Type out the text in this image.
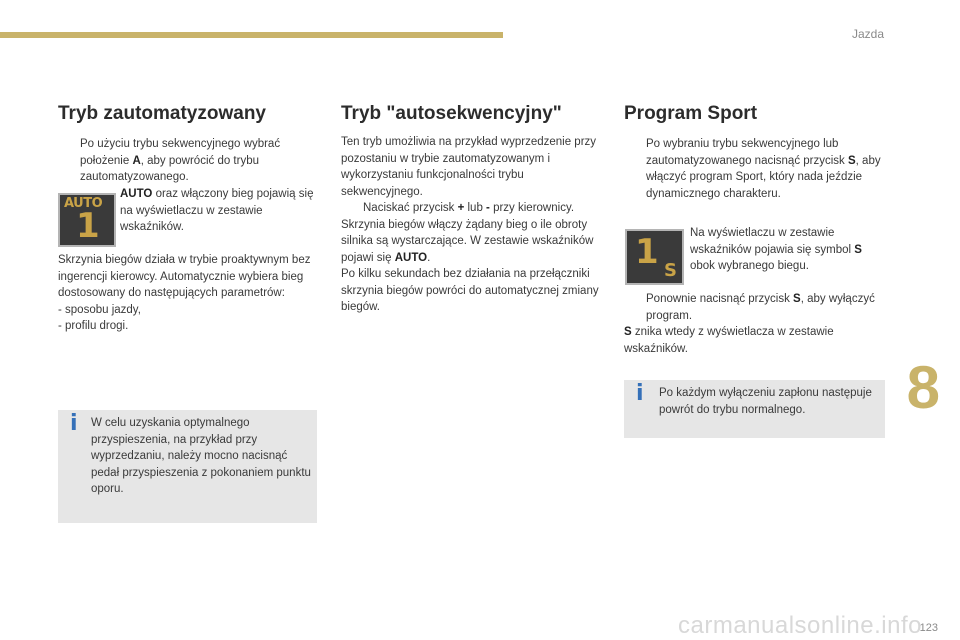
Jazda
Tryb zautomatyzowany

Po użyciu trybu sekwencyjnego wybrać położenie A, aby powrócić do trybu zautomatyzowanego.

AUTO
1

AUTO oraz włączony bieg pojawią się na wyświetlaczu w zestawie wskaźników.

Skrzynia biegów działa w trybie proaktywnym bez ingerencji kierowcy. Automatycznie wybiera bieg dostosowany do następujących parametrów:

- sposobu jazdy,

- profilu drogi.

i W celu uzyskania optymalnego przyspieszenia, na przykład przy wyprzedzaniu, należy mocno nacisnąć pedał przyspieszenia z pokonaniem punktu oporu.
Tryb "autosekwencyjny"

Ten tryb umożliwia na przykład wyprzedzenie przy pozostaniu w trybie zautomatyzowanym i wykorzystaniu funkcjonalności trybu sekwencyjnego.

Naciskać przycisk + lub - przy kierownicy.

Skrzynia biegów włączy żądany bieg o ile obroty silnika są wystarczające. W zestawie wskaźników pojawi się AUTO.

Po kilku sekundach bez działania na przełączniki skrzynia biegów powróci do automatycznej zmiany biegów.

Program Sport

Po wybraniu trybu sekwencyjnego lub zautomatyzowanego nacisnąć przycisk S, aby włączyć program Sport, który nada jeździe dynamicznego charakteru.

1 S

Na wyświetlaczu w zestawie wskaźników pojawia się symbol S obok wybranego biegu.

Ponownie nacisnąć przycisk S, aby wyłączyć program.

S znika wtedy z wyświetlacza w zestawie wskaźników.

i Po każdym wyłączeniu zapłonu następuje powrót do trybu normalnego.	8
123
carmanualsonline.info
